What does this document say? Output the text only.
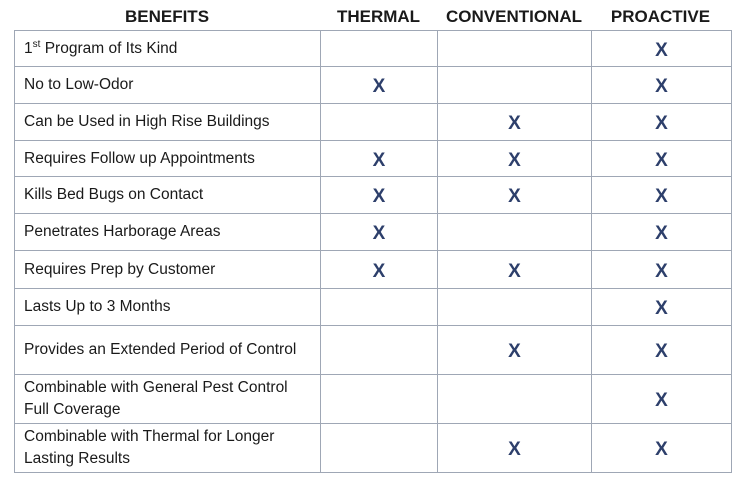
BENEFITS	THERMAL	CONVENTIONAL	PROACTIVE
1st Program of Its Kind			X
No to Low-Odor	X		X
Can be Used in High Rise Buildings		X	X
Requires Follow up Appointments	X	X	X
Kills Bed Bugs on Contact	X	X	X
Penetrates Harborage Areas	X		X
Requires Prep by Customer	X	X	X
Lasts Up to 3 Months			X
Provides an Extended Period of Control		X	X
Combinable with General Pest Control Full Coverage			X
Combinable with Thermal for Longer Lasting Results		X	X
